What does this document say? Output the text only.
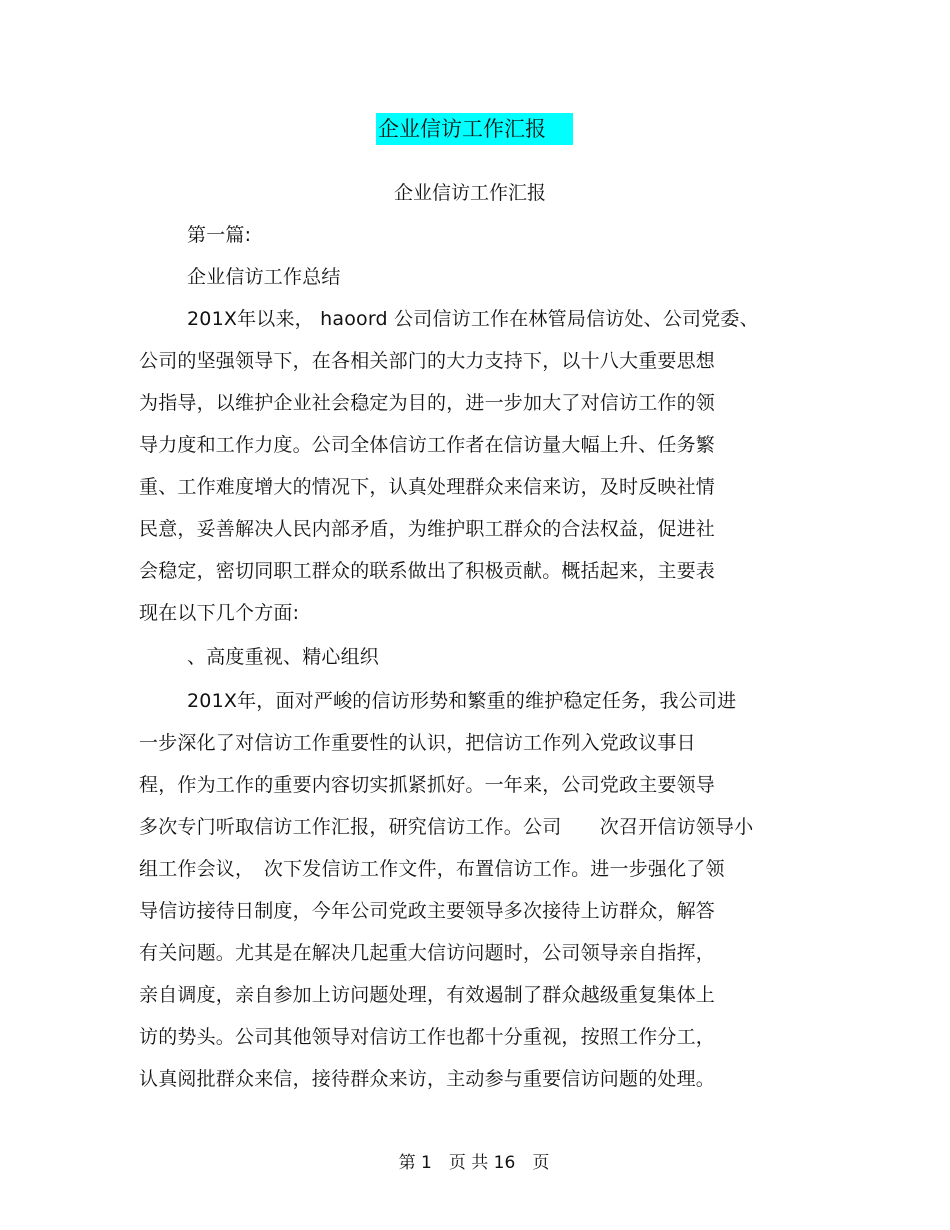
企业信访工作汇报
企业信访工作汇报
第一篇:
企业信访工作总结
201X年以来， haoord 公司信访工作在林管局信访处、公司党委、
公司的坚强领导下，在各相关部门的大力支持下，以十八大重要思想
为指导，以维护企业社会稳定为目的，进一步加大了对信访工作的领
导力度和工作力度。公司全体信访工作者在信访量大幅上升、任务繁
重、工作难度增大的情况下，认真处理群众来信来访，及时反映社情
民意，妥善解决人民内部矛盾，为维护职工群众的合法权益，促进社
会稳定，密切同职工群众的联系做出了积极贡献。概括起来，主要表
现在以下几个方面:
、高度重视、精心组织
201X年，面对严峻的信访形势和繁重的维护稳定任务，我公司进
一步深化了对信访工作重要性的认识，把信访工作列入党政议事日
程，作为工作的重要内容切实抓紧抓好。一年来，公司党政主要领导
多次专门听取信访工作汇报，研究信访工作。公司　　次召开信访领导小
组工作会议，　次下发信访工作文件，布置信访工作。进一步强化了领
导信访接待日制度，今年公司党政主要领导多次接待上访群众，解答
有关问题。尤其是在解决几起重大信访问题时，公司领导亲自指挥，
亲自调度，亲自参加上访问题处理，有效遏制了群众越级重复集体上
访的势头。公司其他领导对信访工作也都十分重视，按照工作分工，
认真阅批群众来信，接待群众来访，主动参与重要信访问题的处理。
第 1　页 共 16　页
